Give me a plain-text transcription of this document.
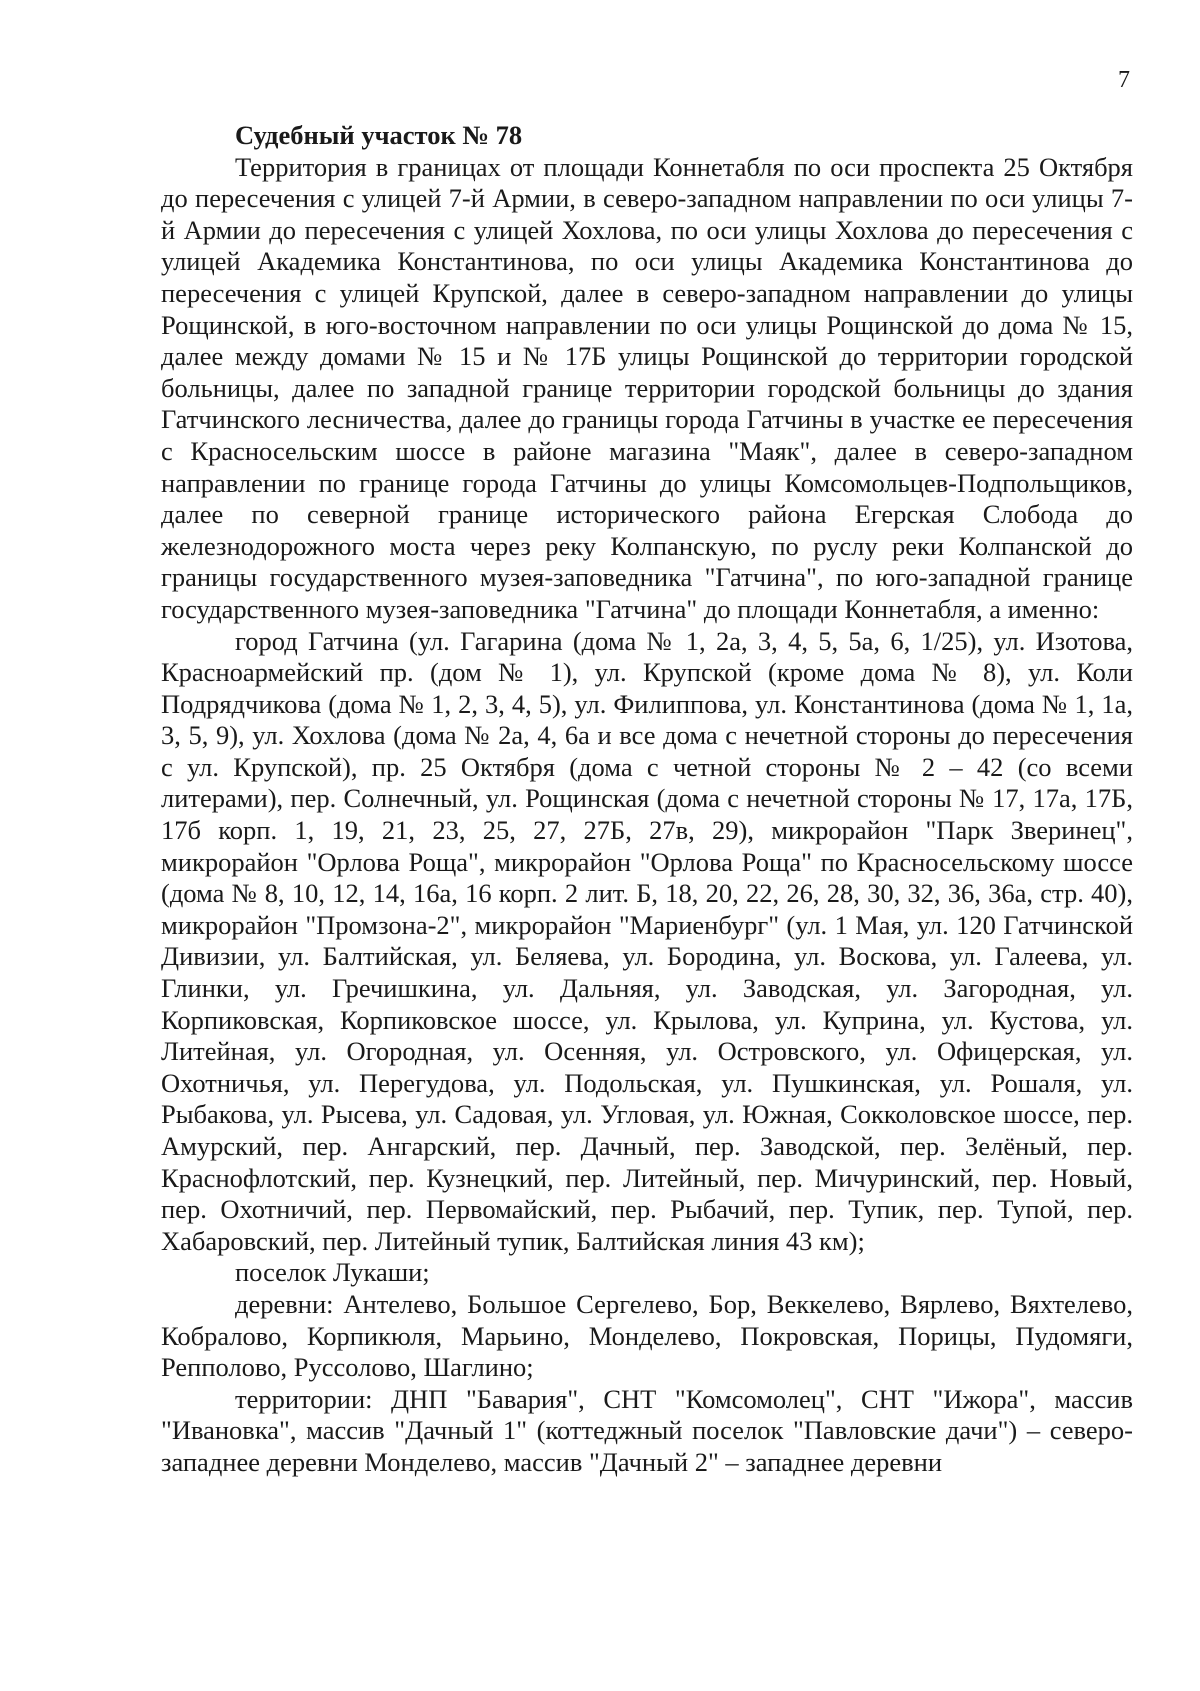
7

Судебный участок № 78

Территория в границах от площади Коннетабля по оси проспекта 25 Октября до пересечения с улицей 7-й Армии, в северо-западном направлении по оси улицы 7-й Армии до пересечения с улицей Хохлова, по оси улицы Хохлова до пересечения с улицей Академика Константинова, по оси улицы Академика Константинова до пересечения с улицей Крупской, далее в северо-западном направлении до улицы Рощинской, в юго-восточном направлении по оси улицы Рощинской до дома № 15, далее между домами № 15 и № 17Б улицы Рощинской до территории городской больницы, далее по западной границе территории городской больницы до здания Гатчинского лесничества, далее до границы города Гатчины в участке ее пересечения с Красносельским шоссе в районе магазина "Маяк", далее в северо-западном направлении по границе города Гатчины до улицы Комсомольцев-Подпольщиков, далее по северной границе исторического района Егерская Слобода до железнодорожного моста через реку Колпанскую, по руслу реки Колпанской до границы государственного музея-заповедника "Гатчина", по юго-западной границе государственного музея-заповедника "Гатчина" до площади Коннетабля, а именно:

город Гатчина (ул. Гагарина (дома № 1, 2а, 3, 4, 5, 5а, 6, 1/25), ул. Изотова, Красноармейский пр. (дом № 1), ул. Крупской (кроме дома № 8), ул. Коли Подрядчикова (дома № 1, 2, 3, 4, 5), ул. Филиппова, ул. Константинова (дома № 1, 1а, 3, 5, 9), ул. Хохлова (дома № 2а, 4, 6а и все дома с нечетной стороны до пересечения с ул. Крупской), пр. 25 Октября (дома с четной стороны № 2 – 42 (со всеми литерами), пер. Солнечный, ул. Рощинская (дома с нечетной стороны № 17, 17а, 17Б, 17б корп. 1, 19, 21, 23, 25, 27, 27Б, 27в, 29), микрорайон "Парк Зверинец", микрорайон "Орлова Роща", микрорайон "Орлова Роща" по Красносельскому шоссе (дома № 8, 10, 12, 14, 16а, 16 корп. 2 лит. Б, 18, 20, 22, 26, 28, 30, 32, 36, 36а, стр. 40), микрорайон "Промзона-2", микрорайон "Мариенбург" (ул. 1 Мая, ул. 120 Гатчинской Дивизии, ул. Балтийская, ул. Беляева, ул. Бородина, ул. Воскова, ул. Галеева, ул. Глинки, ул. Гречишкина, ул. Дальняя, ул. Заводская, ул. Загородная, ул. Корпиковская, Корпиковское шоссе, ул. Крылова, ул. Куприна, ул. Кустова, ул. Литейная, ул. Огородная, ул. Осенняя, ул. Островского, ул. Офицерская, ул. Охотничья, ул. Перегудова, ул. Подольская, ул. Пушкинская, ул. Рошаля, ул. Рыбакова, ул. Рысева, ул. Садовая, ул. Угловая, ул. Южная, Сокколовское шоссе, пер. Амурский, пер. Ангарский, пер. Дачный, пер. Заводской, пер. Зелёный, пер. Краснофлотский, пер. Кузнецкий, пер. Литейный, пер. Мичуринский, пер. Новый, пер. Охотничий, пер. Первомайский, пер. Рыбачий, пер. Тупик, пер. Тупой, пер. Хабаровский, пер. Литейный тупик, Балтийская линия 43 км);

поселок Лукаши;

деревни: Антелево, Большое Сергелево, Бор, Веккелево, Вярлево, Вяхтелево, Кобралово, Корпикюля, Марьино, Монделево, Покровская, Порицы, Пудомяги, Репполово, Руссолово, Шаглино;

территории: ДНП "Бавария", СНТ "Комсомолец", СНТ "Ижора", массив "Ивановка", массив "Дачный 1" (коттеджный поселок "Павловские дачи") – северо-западнее деревни Монделево, массив "Дачный 2" – западнее деревни
